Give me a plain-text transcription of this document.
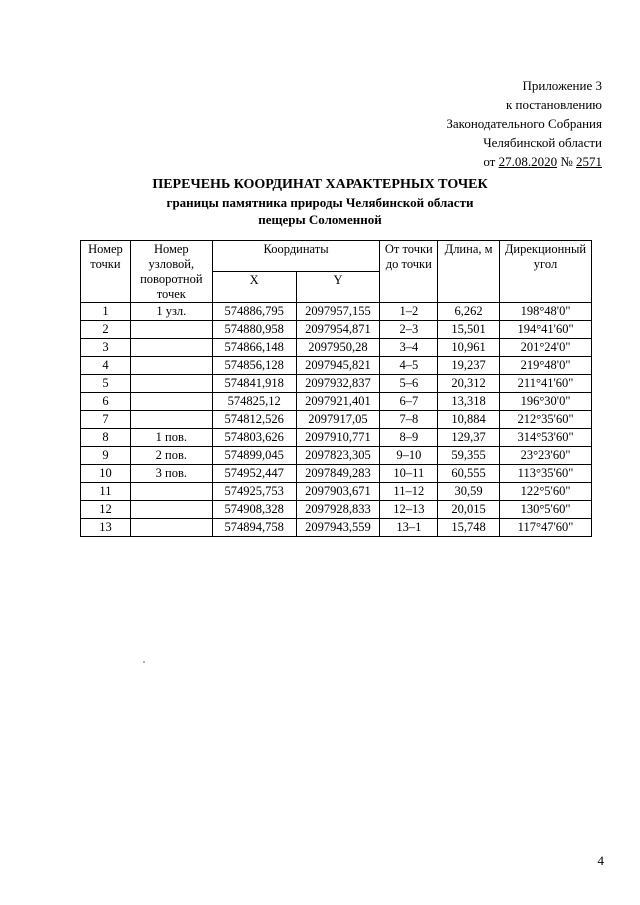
Приложение 3
к постановлению
Законодательного Собрания
Челябинской области
от 27.08.2020 № 2571
ПЕРЕЧЕНЬ КООРДИНАТ ХАРАКТЕРНЫХ ТОЧЕК
границы памятника природы Челябинской области
пещеры Соломенной
Номер точки	Номер узловой, поворотной точек	Координаты		От точки до точки	Длина, м	Дирекционный угол
		X	Y			
1	1 узл.	574886,795	2097957,155	1–2	6,262	198°48'0"
2		574880,958	2097954,871	2–3	15,501	194°41'60"
3		574866,148	2097950,28	3–4	10,961	201°24'0"
4		574856,128	2097945,821	4–5	19,237	219°48'0"
5		574841,918	2097932,837	5–6	20,312	211°41'60"
6		574825,12	2097921,401	6–7	13,318	196°30'0"
7		574812,526	2097917,05	7–8	10,884	212°35'60"
8	1 пов.	574803,626	2097910,771	8–9	129,37	314°53'60"
9	2 пов.	574899,045	2097823,305	9–10	59,355	23°23'60"
10	3 пов.	574952,447	2097849,283	10–11	60,555	113°35'60"
11		574925,753	2097903,671	11–12	30,59	122°5'60"
12		574908,328	2097928,833	12–13	20,015	130°5'60"
13		574894,758	2097943,559	13–1	15,748	117°47'60"
4
